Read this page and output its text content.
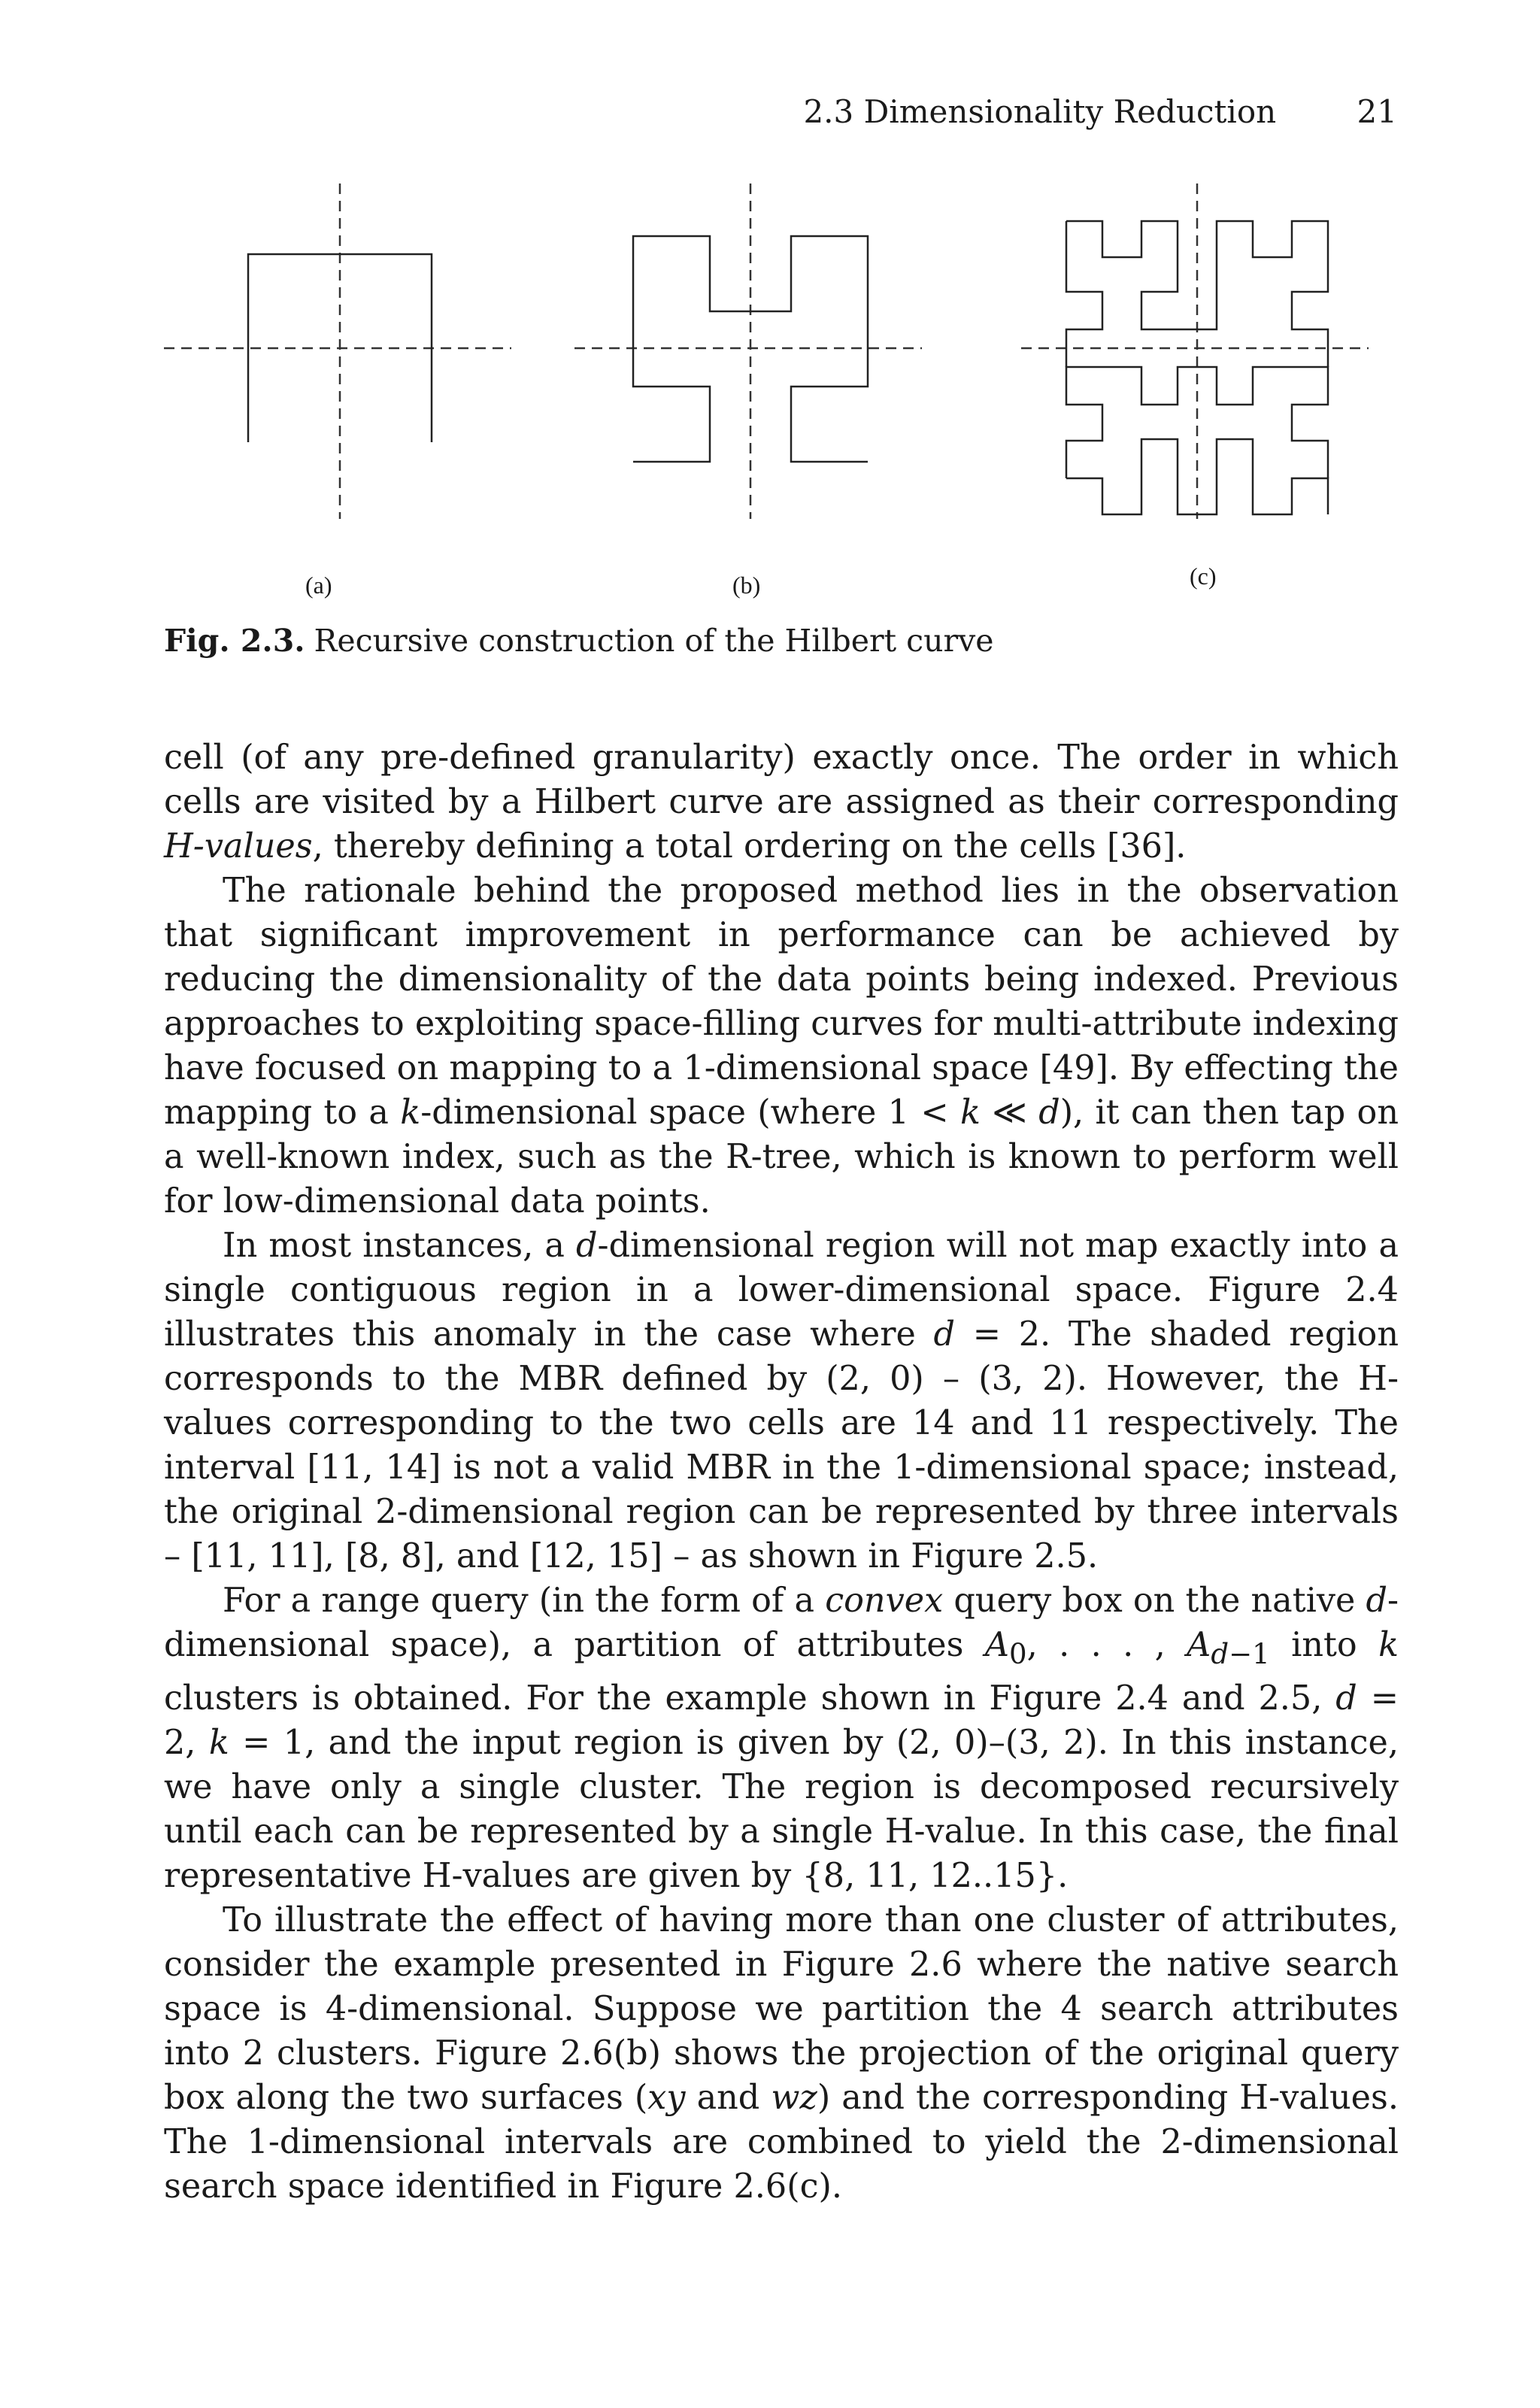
2.3 Dimensionality Reduction	21
(a)	(b)	(c)
Fig. 2.3. Recursive construction of the Hilbert curve

cell (of any pre-defined granularity) exactly once. The order in which cells are visited by a Hilbert curve are assigned as their corresponding H-values, thereby defining a total ordering on the cells [36].

The rationale behind the proposed method lies in the observation that significant improvement in performance can be achieved by reducing the dimensionality of the data points being indexed. Previous approaches to exploiting space-filling curves for multi-attribute indexing have focused on mapping to a 1-dimensional space [49]. By effecting the mapping to a k-dimensional space (where 1 < k ≪ d), it can then tap on a well-known index, such as the R-tree, which is known to perform well for low-dimensional data points.

In most instances, a d-dimensional region will not map exactly into a single contiguous region in a lower-dimensional space. Figure 2.4 illustrates this anomaly in the case where d = 2. The shaded region corresponds to the MBR defined by (2, 0) – (3, 2). However, the H-values corresponding to the two cells are 14 and 11 respectively. The interval [11, 14] is not a valid MBR in the 1-dimensional space; instead, the original 2-dimensional region can be represented by three intervals – [11, 11], [8, 8], and [12, 15] – as shown in Figure 2.5.

For a range query (in the form of a convex query box on the native d-dimensional space), a partition of attributes $A_0$, . . . , $A_{d-1}$ into k clusters is obtained. For the example shown in Figure 2.4 and 2.5, d = 2, k = 1, and the input region is given by (2, 0)–(3, 2). In this instance, we have only a single cluster. The region is decomposed recursively until each can be represented by a single H-value. In this case, the final representative H-values are given by {8, 11, 12..15}.

To illustrate the effect of having more than one cluster of attributes, consider the example presented in Figure 2.6 where the native search space is 4-dimensional. Suppose we partition the 4 search attributes into 2 clusters. Figure 2.6(b) shows the projection of the original query box along the two surfaces (xy and wz) and the corresponding H-values. The 1-dimensional intervals are combined to yield the 2-dimensional search space identified in Figure 2.6(c).
